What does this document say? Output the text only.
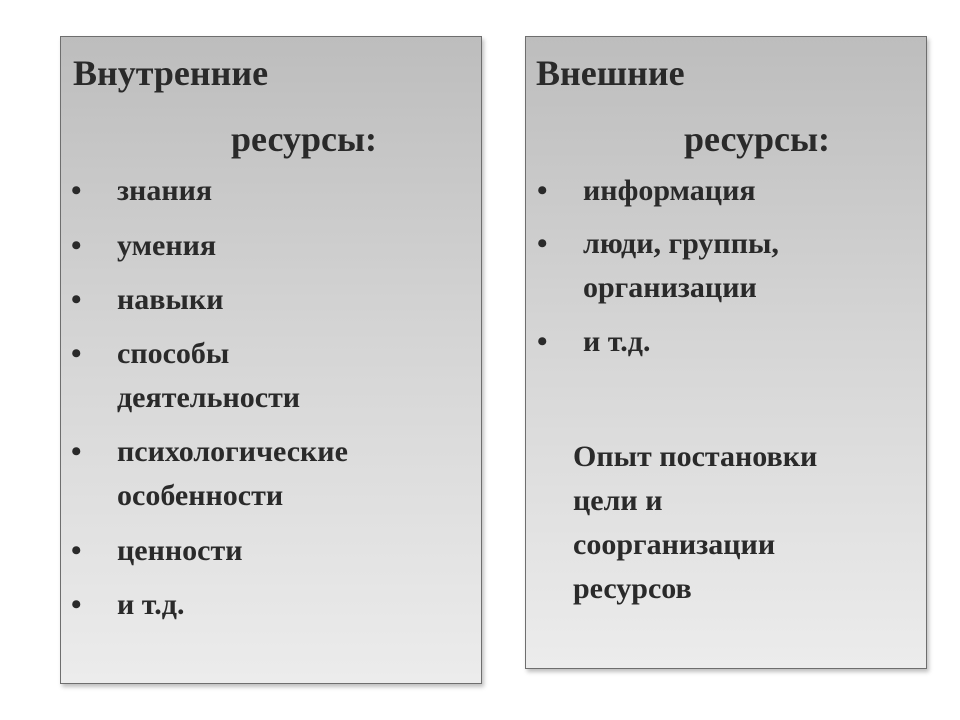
Внутренние
ресурсы:
• знания
• умения
• навыки
• способы
деятельности
• психологические
особенности
• ценности
• и т.д.
Внешние
ресурсы:
• информация
• люди, группы,
организации
• и т.д.
Опыт постановки
цели и
соорганизации
ресурсов
